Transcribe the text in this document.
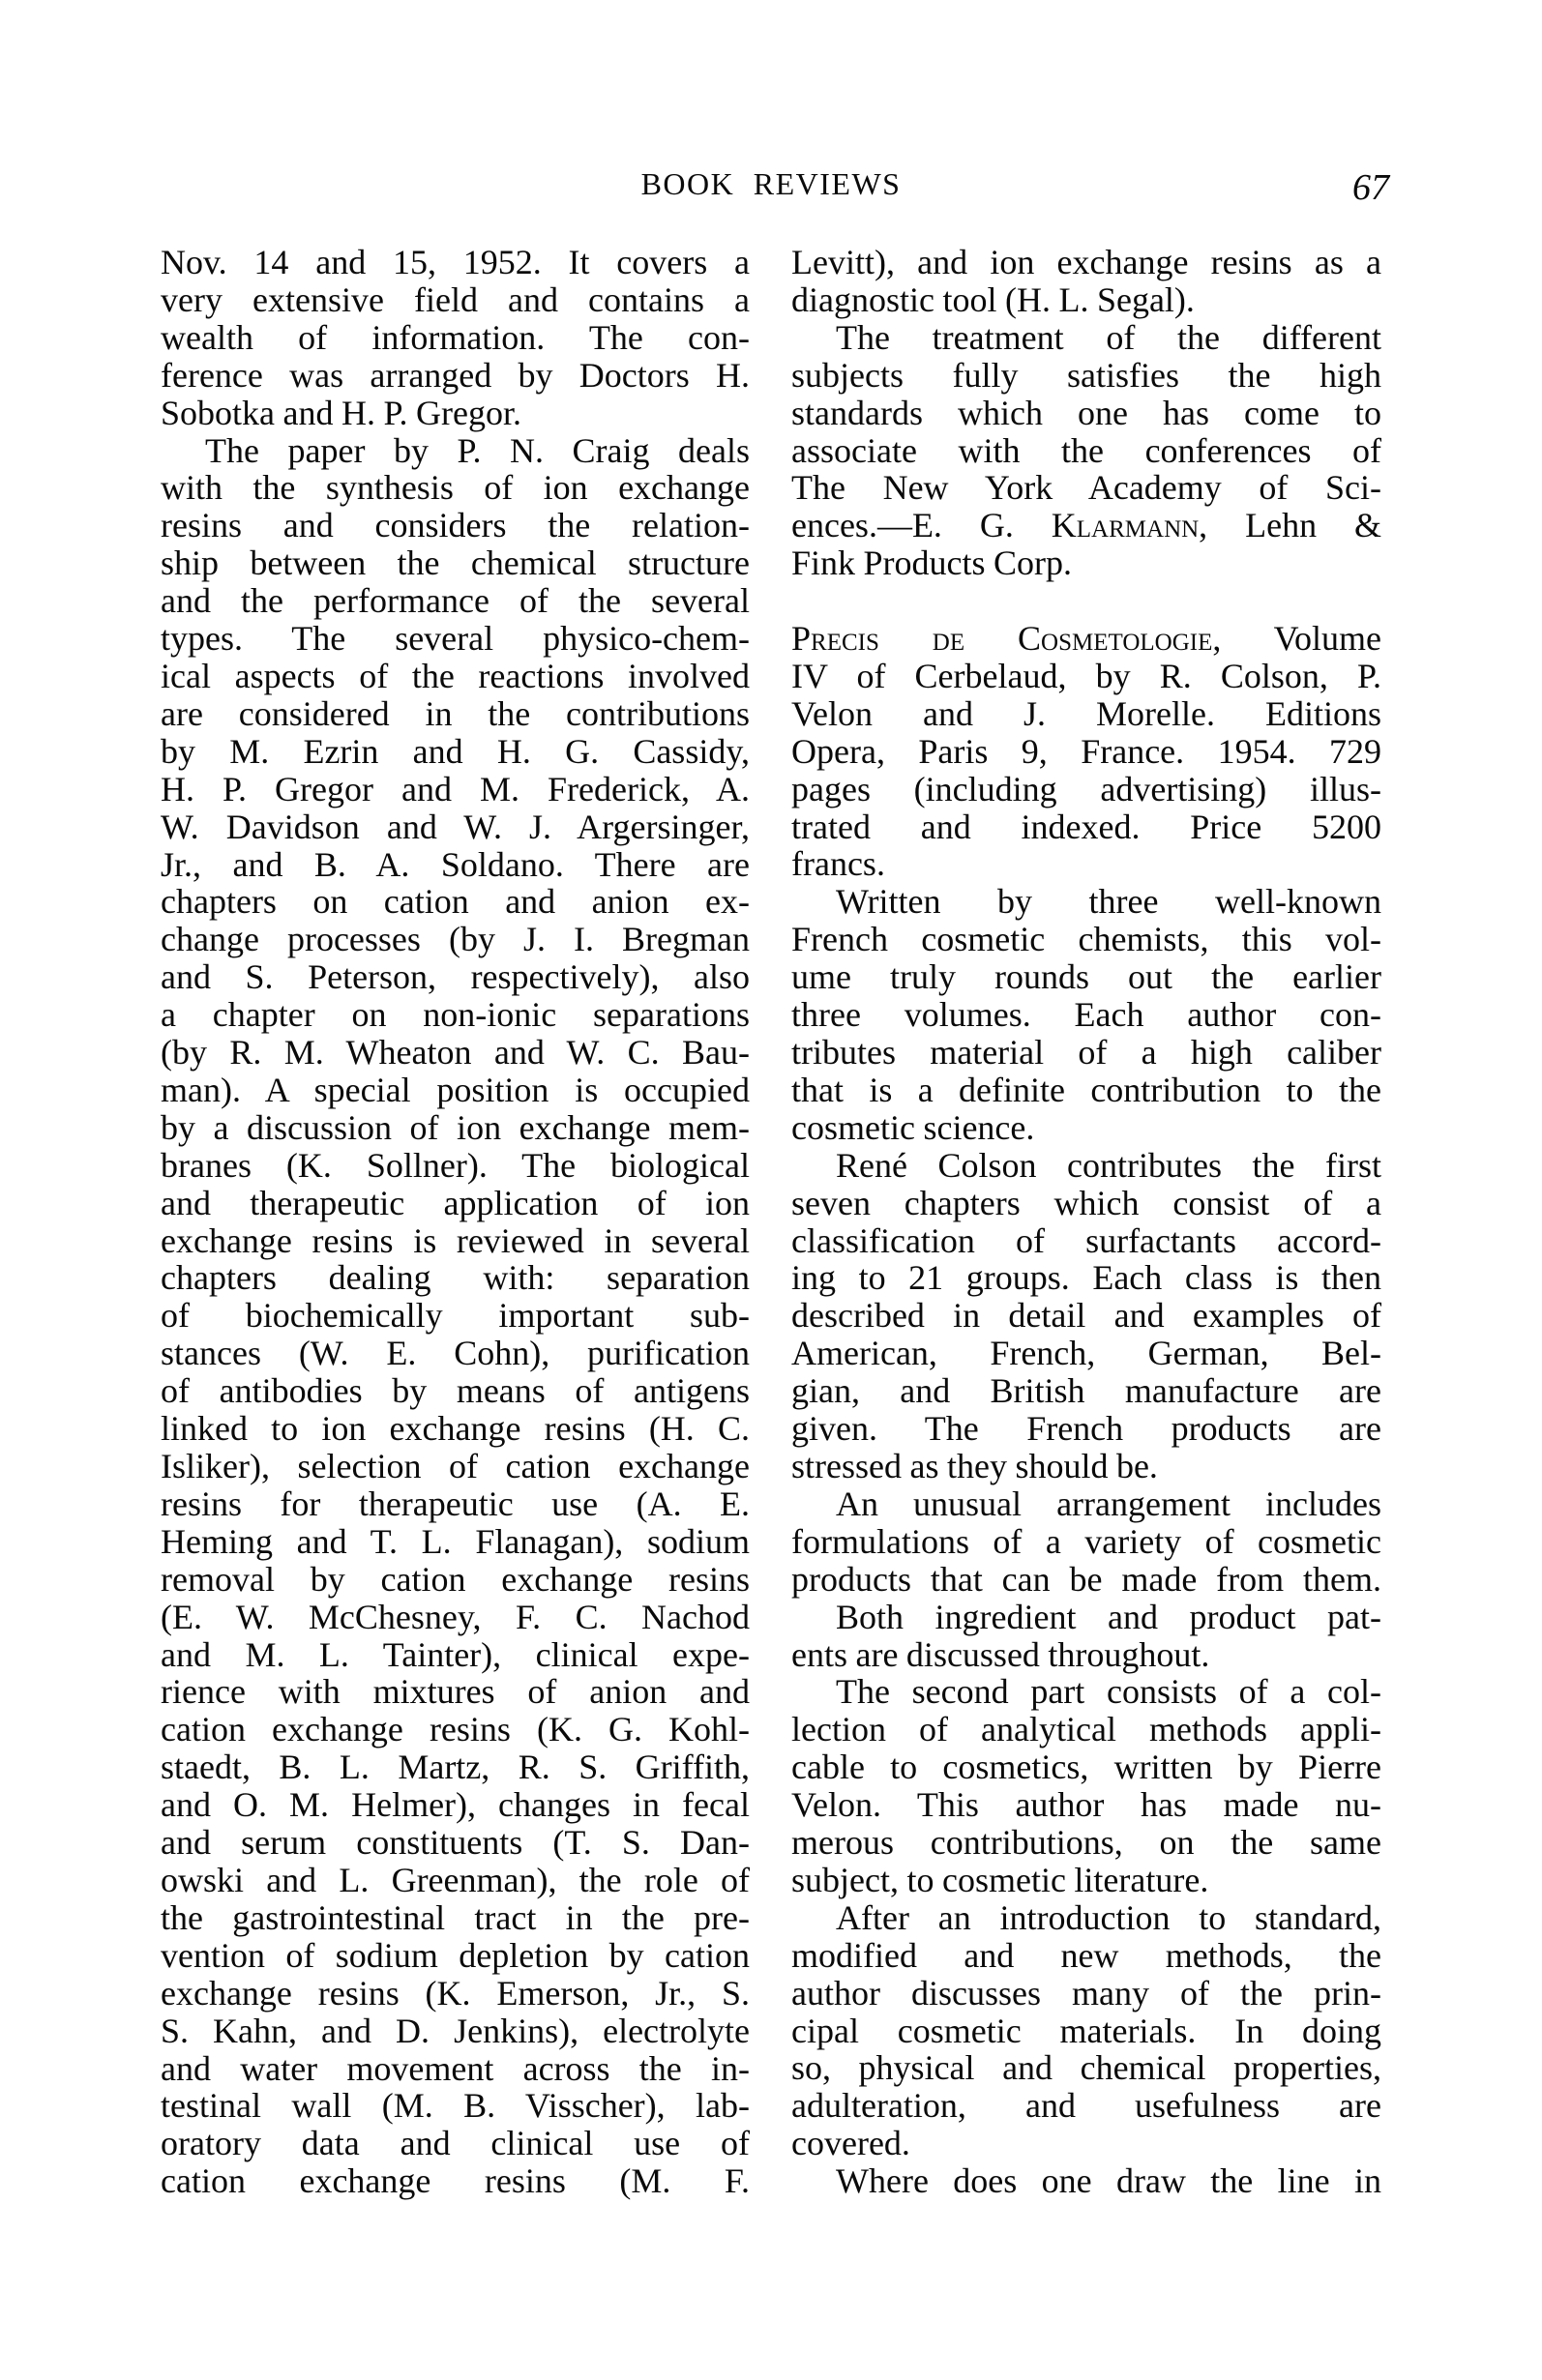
BOOK REVIEWS	67
Nov. 14 and 15, 1952. It covers a
very extensive field and contains a
wealth of information. The con-
ference was arranged by Doctors H.
Sobotka and H. P. Gregor.
The paper by P. N. Craig deals
with the synthesis of ion exchange
resins and considers the relation-
ship between the chemical structure
and the performance of the several
types. The several physico-chem-
ical aspects of the reactions involved
are considered in the contributions
by M. Ezrin and H. G. Cassidy,
H. P. Gregor and M. Frederick, A.
W. Davidson and W. J. Argersinger,
Jr., and B. A. Soldano. There are
chapters on cation and anion ex-
change processes (by J. I. Bregman
and S. Peterson, respectively), also
a chapter on non-ionic separations
(by R. M. Wheaton and W. C. Bau-
man). A special position is occupied
by a discussion of ion exchange mem-
branes (K. Sollner). The biological
and therapeutic application of ion
exchange resins is reviewed in several
chapters dealing with: separation
of biochemically important sub-
stances (W. E. Cohn), purification
of antibodies by means of antigens
linked to ion exchange resins (H. C.
Isliker), selection of cation exchange
resins for therapeutic use (A. E.
Heming and T. L. Flanagan), sodium
removal by cation exchange resins
(E. W. McChesney, F. C. Nachod
and M. L. Tainter), clinical expe-
rience with mixtures of anion and
cation exchange resins (K. G. Kohl-
staedt, B. L. Martz, R. S. Griffith,
and O. M. Helmer), changes in fecal
and serum constituents (T. S. Dan-
owski and L. Greenman), the role of
the gastrointestinal tract in the pre-
vention of sodium depletion by cation
exchange resins (K. Emerson, Jr., S.
S. Kahn, and D. Jenkins), electrolyte
and water movement across the in-
testinal wall (M. B. Visscher), lab-
oratory data and clinical use of
cation exchange resins (M. F.
Levitt), and ion exchange resins as a
diagnostic tool (H. L. Segal).
The treatment of the different
subjects fully satisfies the high
standards which one has come to
associate with the conferences of
The New York Academy of Sci-
ences.—E. G. Klarmann, Lehn &
Fink Products Corp.
Precis de Cosmetologie, Volume
IV of Cerbelaud, by R. Colson, P.
Velon and J. Morelle. Editions
Opera, Paris 9, France. 1954. 729
pages (including advertising) illus-
trated and indexed. Price 5200
francs.
Written by three well-known
French cosmetic chemists, this vol-
ume truly rounds out the earlier
three volumes. Each author con-
tributes material of a high caliber
that is a definite contribution to the
cosmetic science.
René Colson contributes the first
seven chapters which consist of a
classification of surfactants accord-
ing to 21 groups. Each class is then
described in detail and examples of
American, French, German, Bel-
gian, and British manufacture are
given. The French products are
stressed as they should be.
An unusual arrangement includes
formulations of a variety of cosmetic
products that can be made from them.
Both ingredient and product pat-
ents are discussed throughout.
The second part consists of a col-
lection of analytical methods appli-
cable to cosmetics, written by Pierre
Velon. This author has made nu-
merous contributions, on the same
subject, to cosmetic literature.
After an introduction to standard,
modified and new methods, the
author discusses many of the prin-
cipal cosmetic materials. In doing
so, physical and chemical properties,
adulteration, and usefulness are
covered.
Where does one draw the line in
